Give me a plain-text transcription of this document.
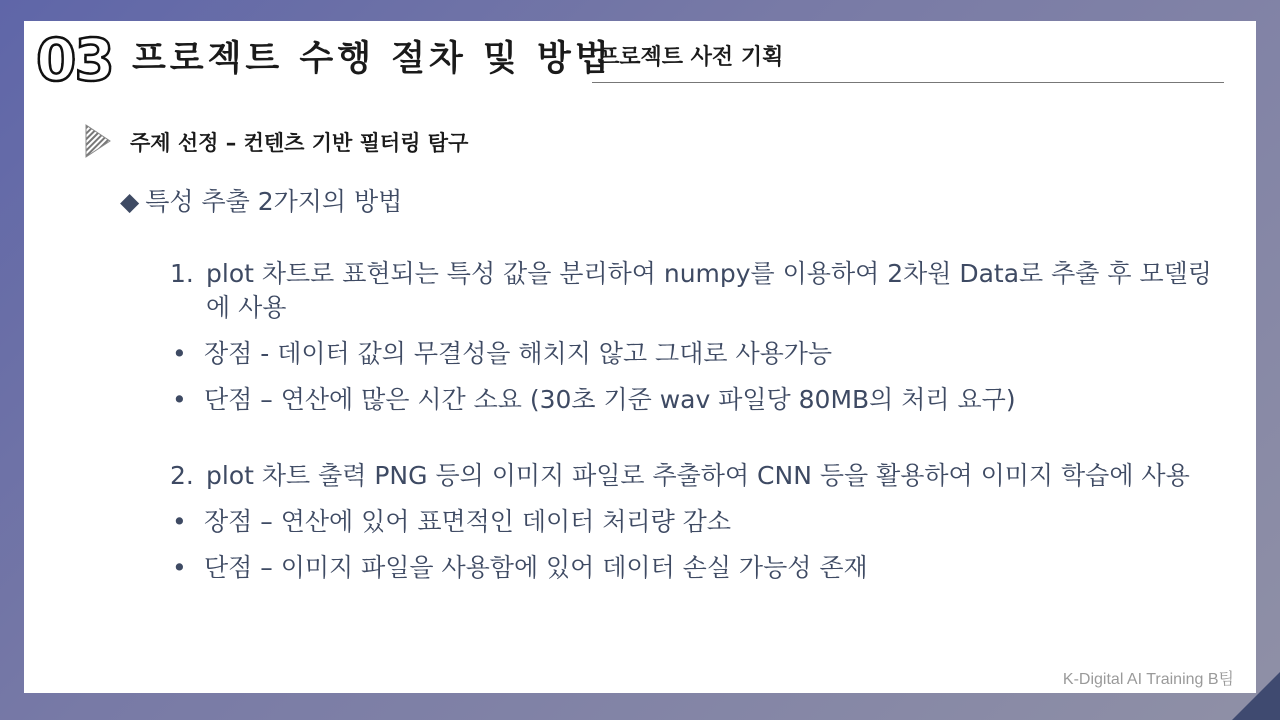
03 프로젝트 수행 절차 및 방법
프로젝트 사전 기획
주제 선정 – 컨텐츠 기반 필터링 탐구
◆ 특성 추출 2가지의 방법
1. plot 차트로 표현되는 특성 값을 분리하여 numpy를 이용하여 2차원 Data로 추출 후 모델링에 사용
• 장점 - 데이터 값의 무결성을 해치지 않고 그대로 사용가능
• 단점 – 연산에 많은 시간 소요 (30초 기준 wav 파일당 80MB의 처리 요구)
2. plot 차트 출력 PNG 등의 이미지 파일로 추출하여 CNN 등을 활용하여 이미지 학습에 사용
• 장점 – 연산에 있어 표면적인 데이터 처리량 감소
• 단점 – 이미지 파일을 사용함에 있어 데이터 손실 가능성 존재
K-Digital AI Training B팀
